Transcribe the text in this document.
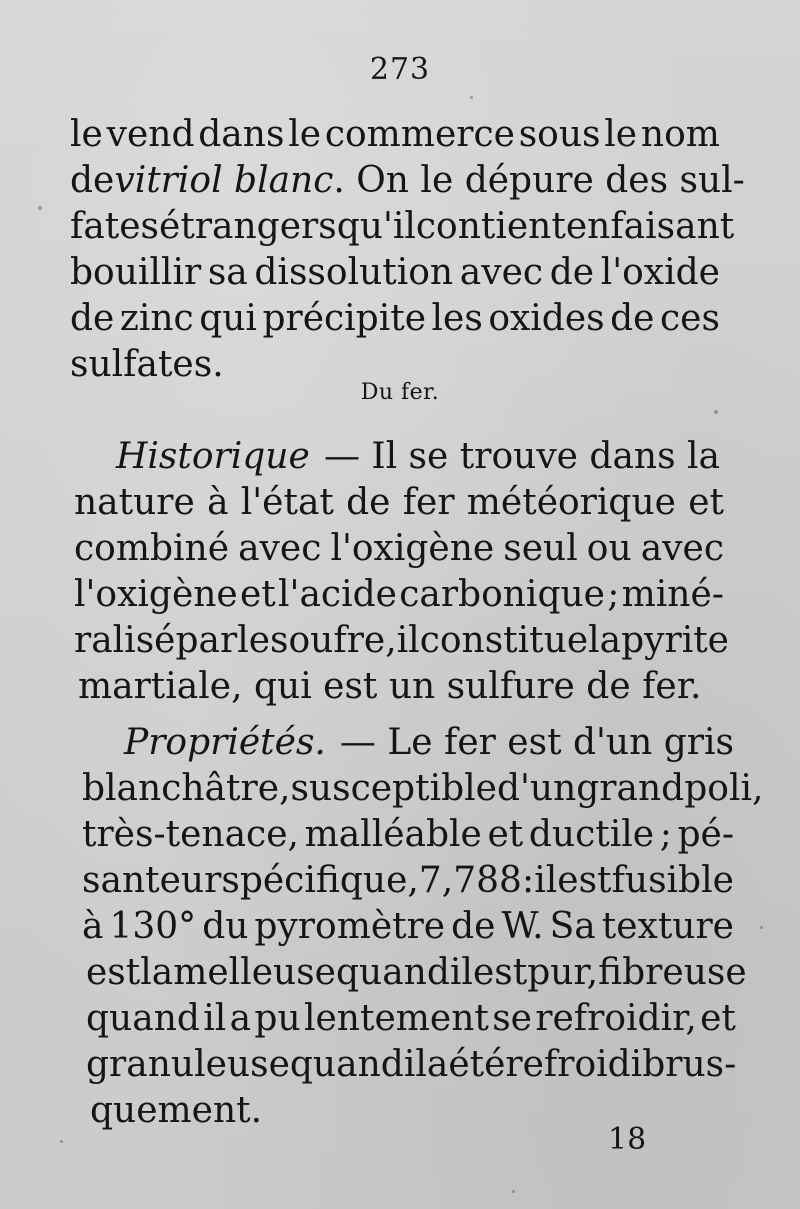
273
le vend dans le commerce sous le nom
de vitriol blanc . On le dépure des sul-
fates étrangers qu'il contient en faisant
bouillir sa dissolution avec de l'oxide
de zinc qui précipite les oxides de ces
sulfates.
Du fer.
Historique — Il se trouve dans la
nature à l'état de fer météorique et
combiné avec l'oxigène seul ou avec
l'oxigène et l'acide carbonique ; miné-
ralisé par le soufre, il constitue la pyrite
martiale, qui est un sulfure de fer.
Propriétés. — Le fer est d'un gris
blanchâtre, susceptible d'un grand poli,
très-tenace, malléable et ductile ; pé-
santeur spécifique, 7,788 : il est fusible
à 130° du pyromètre de W. Sa texture
est lamelleuse quand il est pur, fibreuse
quand il a pu lentement se refroidir, et
granuleuse quand il a été refroidi brus-
quement.
18
